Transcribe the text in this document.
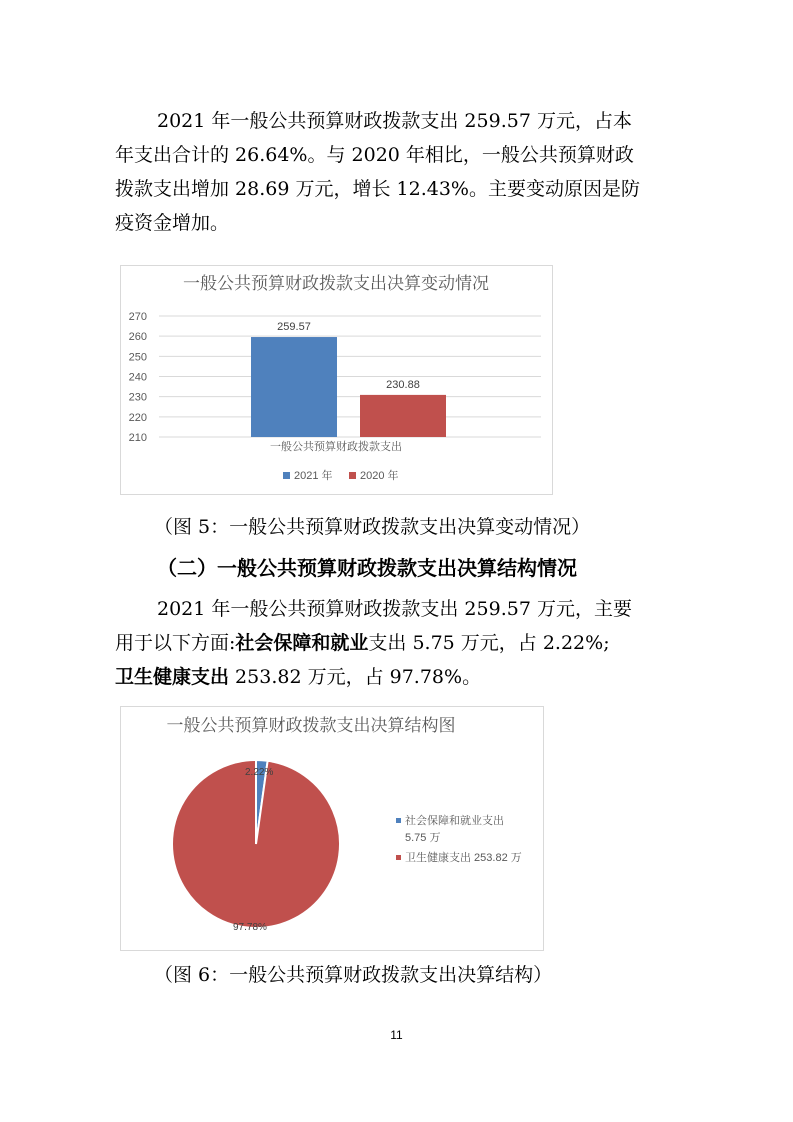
2021 年一般公共预算财政拨款支出 259.57 万元，占本
年支出合计的 26.64%。与 2020 年相比，一般公共预算财政
拨款支出增加 28.69 万元，增长 12.43%。主要变动原因是防
疫资金增加。
一般公共预算财政拨款支出决算变动情况
210
220
230
240
250
260
270
259.57
230.88
一般公共预算财政拨款支出
2021 年 2020 年

（图 5：一般公共预算财政拨款支出决算变动情况）

（二）一般公共预算财政拨款支出决算结构情况

2021 年一般公共预算财政拨款支出 259.57 万元，主要
用于以下方面:社会保障和就业支出 5.75 万元，占 2.22%;
卫生健康支出 253.82 万元，占 97.78%。
一般公共预算财政拨款支出决算结构图
2.22%
97.78%
社会保障和就业支出
5.75 万
卫生健康支出 253.82 万

（图 6：一般公共预算财政拨款支出决算结构）

11
